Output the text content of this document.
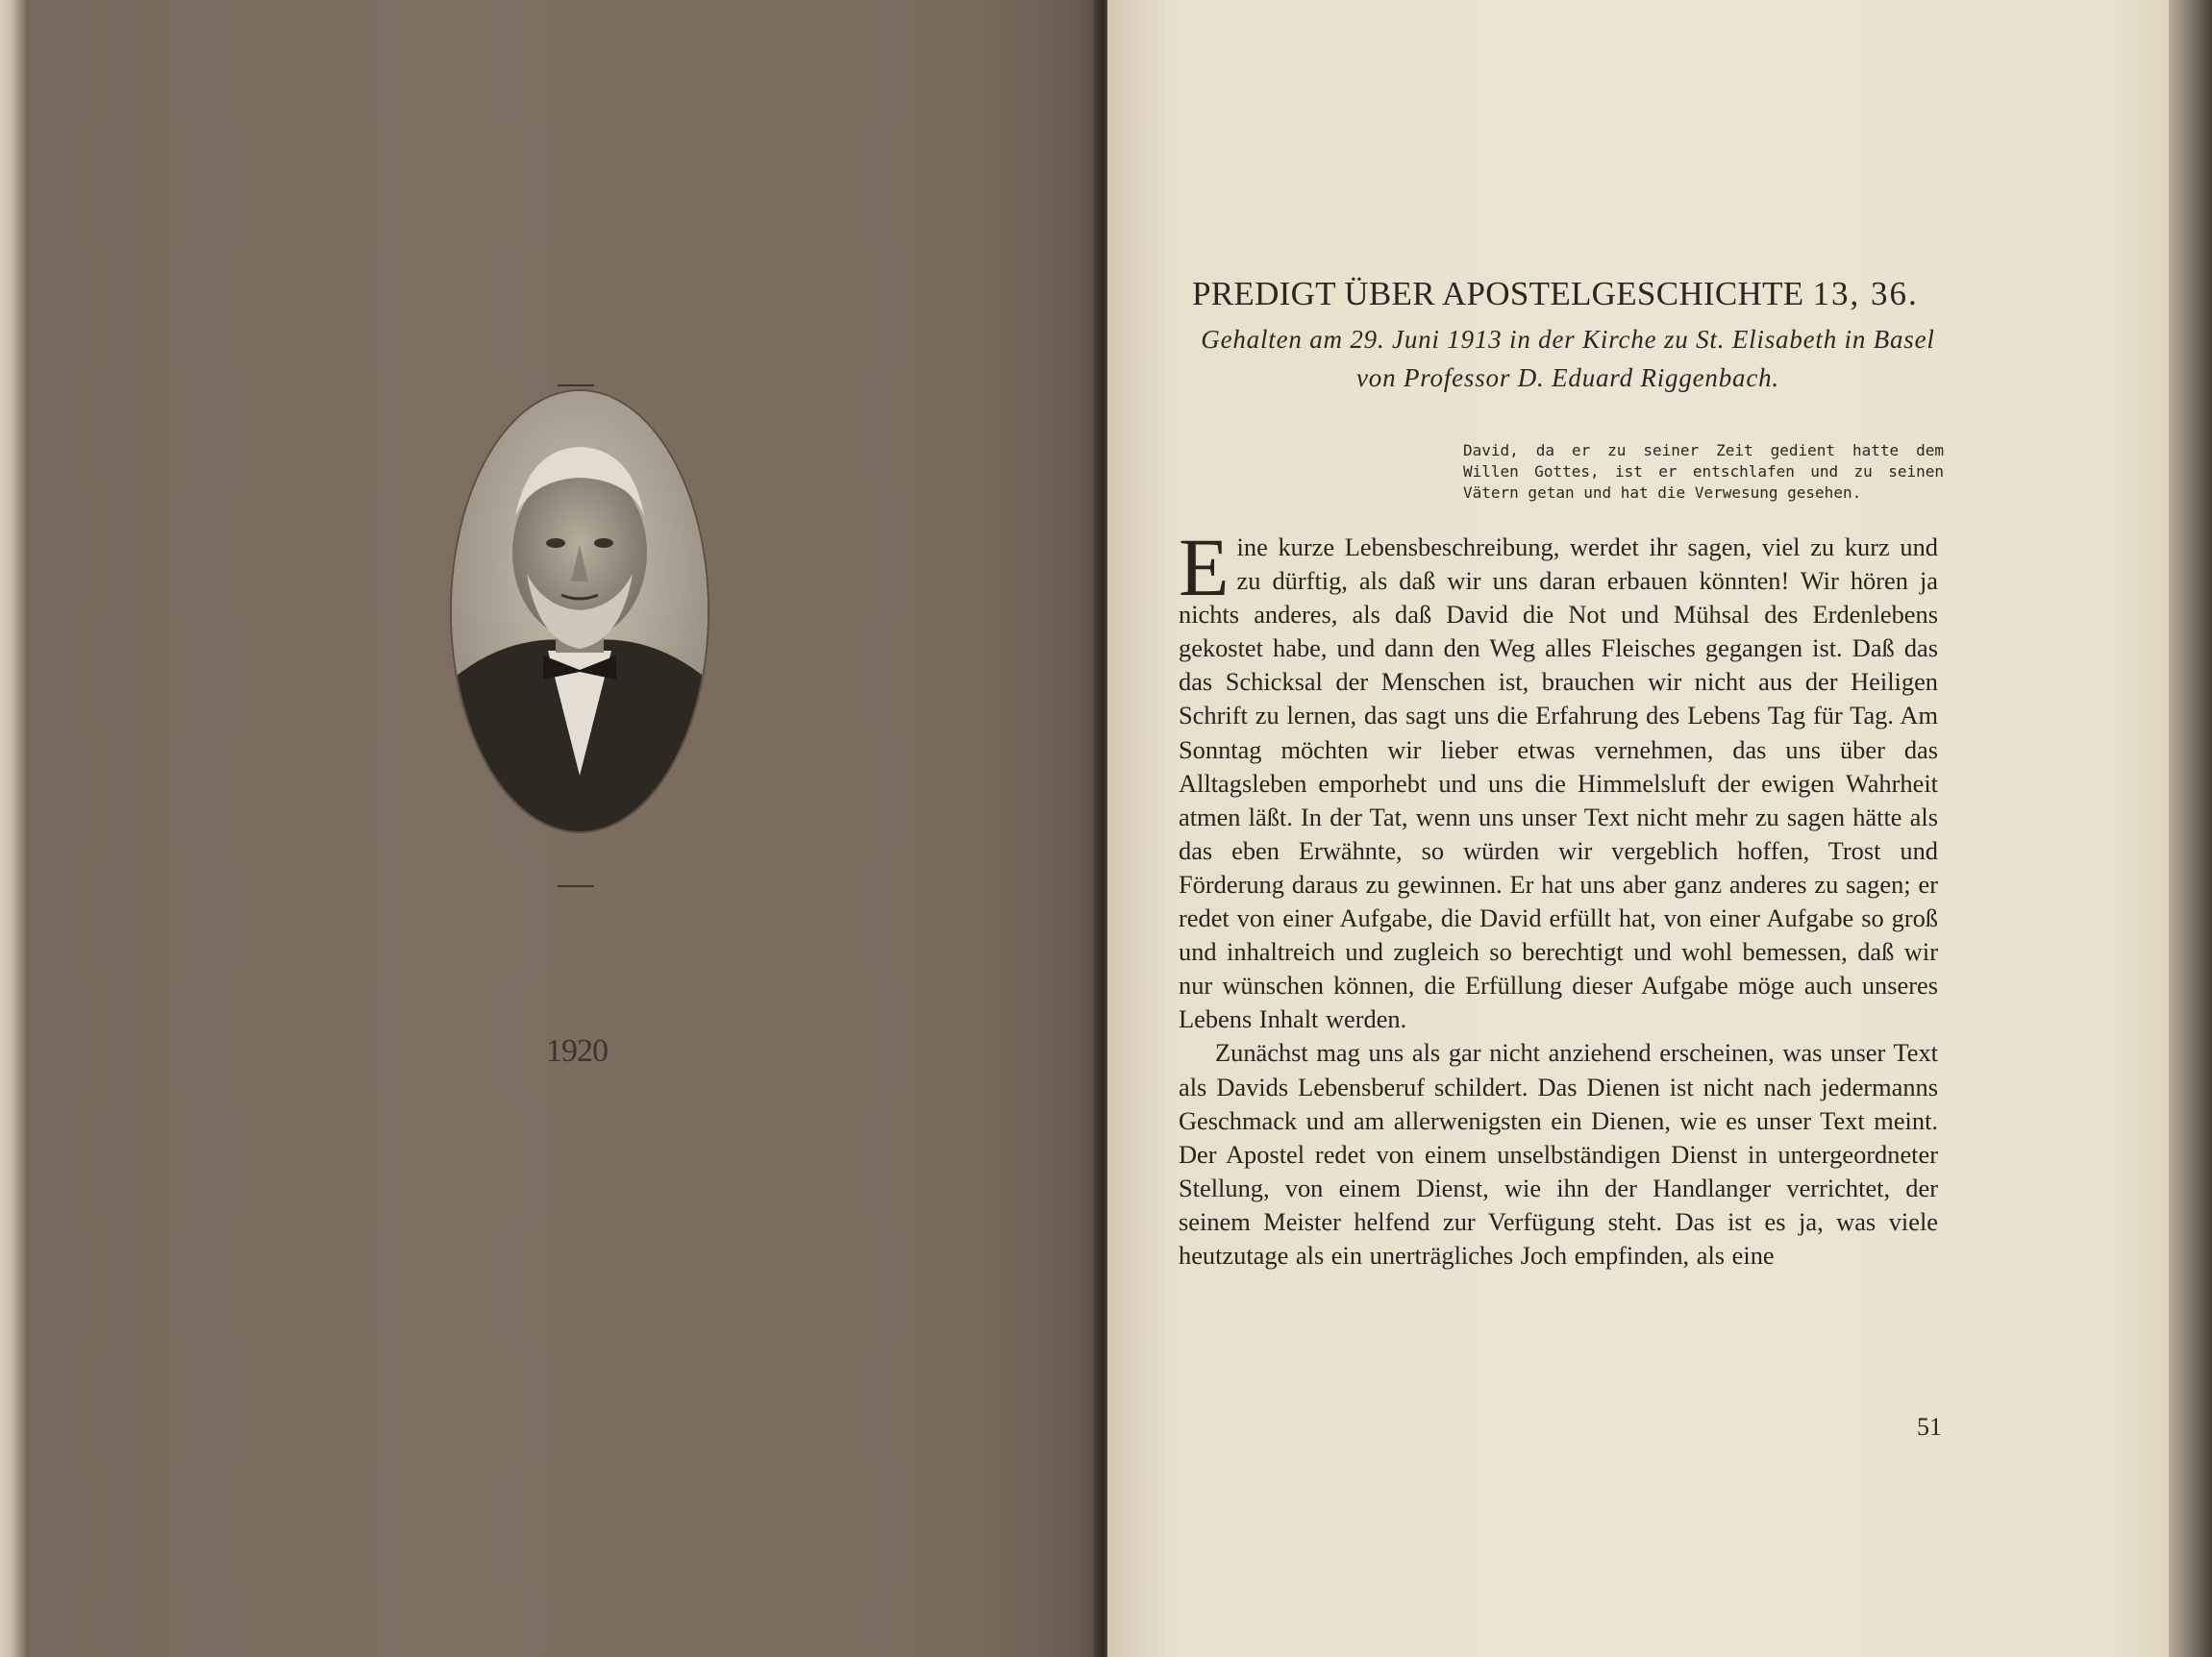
1920
PREDIGT ÜBER APOSTELGESCHICHTE 13, 36.
Gehalten am 29. Juni 1913 in der Kirche zu St. Elisabeth in Basel von Professor D. Eduard Riggenbach.
David, da er zu seiner Zeit gedient hatte dem Willen Gottes, ist er entschlafen und zu seinen Vätern getan und hat die Verwesung gesehen.

Eine kurze Lebensbeschreibung, werdet ihr sagen, viel zu kurz und zu dürftig, als daß wir uns daran erbauen könnten! Wir hören ja nichts anderes, als daß David die Not und Mühsal des Erdenlebens gekostet habe, und dann den Weg alles Fleisches gegangen ist. Daß das das Schicksal der Menschen ist, brauchen wir nicht aus der Heiligen Schrift zu lernen, das sagt uns die Erfahrung des Lebens Tag für Tag. Am Sonntag möchten wir lieber etwas vernehmen, das uns über das Alltagsleben emporhebt und uns die Himmelsluft der ewigen Wahrheit atmen läßt. In der Tat, wenn uns unser Text nicht mehr zu sagen hätte als das eben Erwähnte, so würden wir vergeblich hoffen, Trost und Förderung daraus zu gewinnen. Er hat uns aber ganz anderes zu sagen; er redet von einer Aufgabe, die David erfüllt hat, von einer Aufgabe so groß und inhaltreich und zugleich so berechtigt und wohl bemessen, daß wir nur wünschen können, die Erfüllung dieser Aufgabe möge auch unseres Lebens Inhalt werden.

Zunächst mag uns als gar nicht anziehend erscheinen, was unser Text als Davids Lebensberuf schildert. Das Dienen ist nicht nach jedermanns Geschmack und am allerwenigsten ein Dienen, wie es unser Text meint. Der Apostel redet von einem unselbständigen Dienst in untergeordneter Stellung, von einem Dienst, wie ihn der Handlanger verrichtet, der seinem Meister helfend zur Verfügung steht. Das ist es ja, was viele heutzutage als ein unerträgliches Joch empfinden, als eine

51
